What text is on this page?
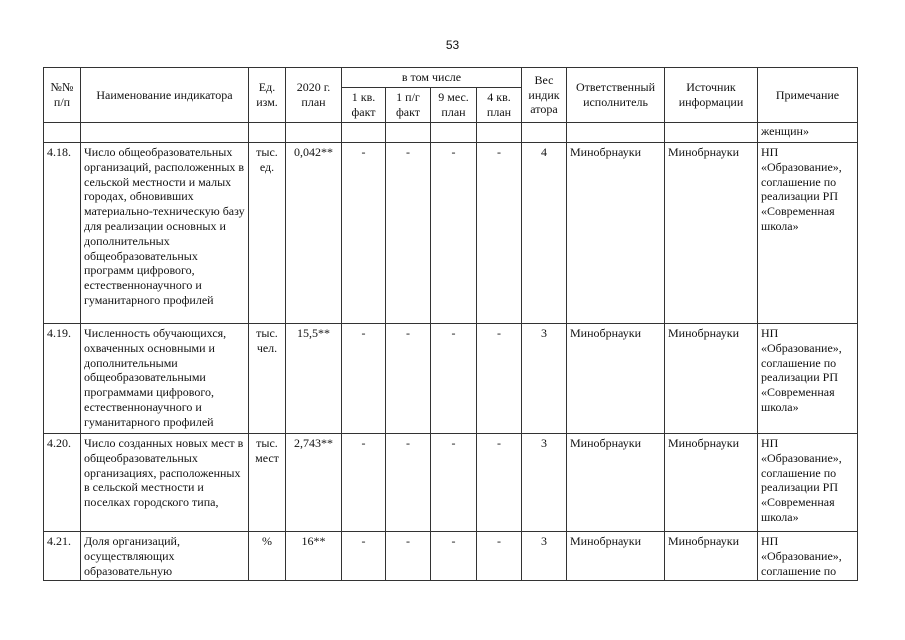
53
№№ п/п	Наименование индикатора	Ед. изм.	2020 г. план	в том числе				Вес индик атора	Ответственный исполнитель	Источник информации	Примечание
				1 кв. факт	1 п/г факт	9 мес. план	4 кв. план				
											женщин»
4.18.	Число общеобразовательных организаций, расположенных в сельской местности и малых городах, обновивших материально-техническую базу для реализации основных и дополнительных общеобразовательных программ цифрового, естественнонаучного и гуманитарного профилей	тыс. ед.	0,042**	-	-	-	-	4	Минобрнауки	Минобрнауки	НП «Образование», соглашение по реализации РП «Современная школа»
4.19.	Численность обучающихся, охваченных основными и дополнительными общеобразовательными программами цифрового, естественнонаучного и гуманитарного профилей	тыс. чел.	15,5**	-	-	-	-	3	Минобрнауки	Минобрнауки	НП «Образование», соглашение по реализации РП «Современная школа»
4.20.	Число созданных новых мест в общеобразовательных организациях, расположенных в сельской местности и поселках городского типа,	тыс. мест	2,743**	-	-	-	-	3	Минобрнауки	Минобрнауки	НП «Образование», соглашение по реализации РП «Современная школа»
4.21.	Доля организаций, осуществляющих образовательную	%	16**	-	-	-	-	3	Минобрнауки	Минобрнауки	НП «Образование», соглашение по
